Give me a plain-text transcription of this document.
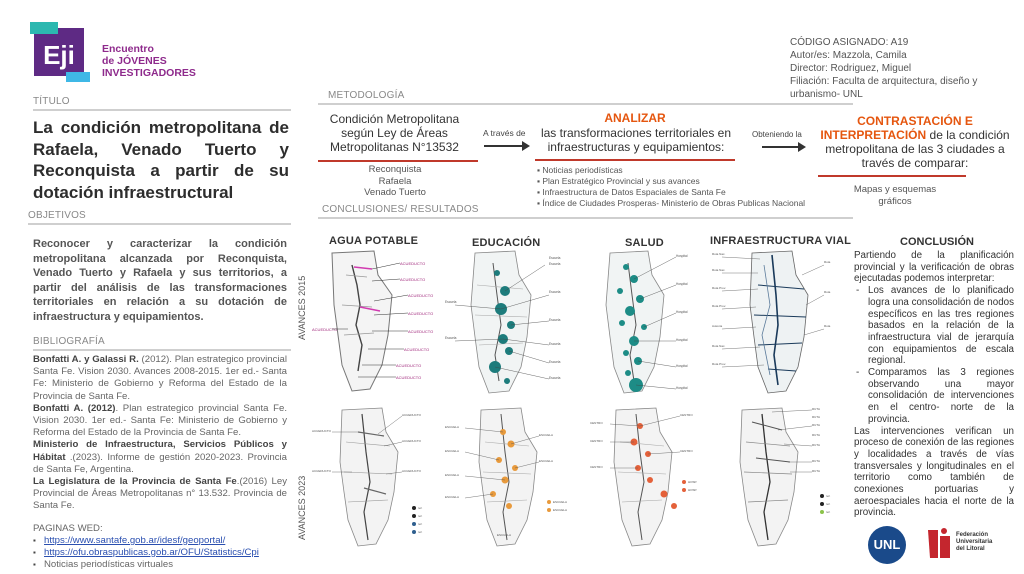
Eji	Encuentro
de JÓVENES
INVESTIGADORES
CÓDIGO ASIGNADO: A19
Autor/es: Mazzola, Camila
Director: Rodriguez, Miguel
Filiación: Faculta de arquitectura, diseño y urbanismo- UNL
TÍTULO
La condición metropolitana de Rafaela, Venado Tuerto y Reconquista a partir de su dotación infraestructural
OBJETIVOS
Reconocer y caracterizar la condición metropolitana alcanzada por Reconquista, Venado Tuerto y Rafaela y sus territorios, a partir del análisis de las transformaciones territoriales en relación a su dotación de infraestructura y equipamientos.
BIBLIOGRAFÍA
Bonfatti A. y Galassi R. (2012). Plan estrategico provincial Santa Fe. Vision 2030. Avances 2008-2015. 1er ed.- Santa Fe: Ministerio de Gobierno y Reforma del Estado de la Provincia de Santa Fe.
Bonfatti A. (2012). Plan estrategico provincial Santa Fe. Vision 2030. 1er ed.- Santa Fe: Ministerio de Gobierno y Reforma del Estado de la Provincia de Santa Fe.
Ministerio de Infraestructura, Servicios Públicos y Hábitat .(2023). Informe de gestión 2020-2023. Provincia de Santa Fe, Argentina.
La Legislatura de la Provincia de Santa Fe.(2016) Ley Provincial de Áreas Metropolitanas n° 13.532. Provincia de Santa Fe.
PAGINAS WED:
▪ https://www.santafe.gob.ar/idesf/geoportal/
▪ https://ofu.obraspublicas.gob.ar/OFU/Statistics/Cpi
▪ Noticias periodísticas virtuales
METODOLOGÍA
Condición Metropolitana según Ley de Áreas Metropolitanas N°13532
Reconquista
Rafaela
Venado Tuerto
A través de
ANALIZAR
las transformaciones territoriales en infraestructuras y equipamientos:
▪ Noticias periodísticas
▪ Plan Estratégico Provincial y sus avances
▪ Infraestructura de Datos Espaciales de Santa Fe
▪ Índice de Ciudades Prosperas- Ministerio de Obras Publicas Nacional
Obteniendo la
CONTRASTACIÓN E INTERPRETACIÓN de la condición metropolitana de las 3 ciudades a través de comparar:
Mapas y esquemas gráficos
CONCLUSIONES/ RESULTADOS
AGUA POTABLE	EDUCACIÓN	SALUD	INFRAESTRUCTURA VIAL
AVANCES 2015
AVANCES 2023
ACUEDUCTO
ACUEDUCTO
ACUEDUCTO
ACUEDUCTO
ACUEDUCTO
ACUEDUCTO
ACUEDUCTO
ACUEDUCTO
ACUEDUCTO
Escuela
Escuela
Escuela
Escuela
Escuela
Escuela
Escuela
Escuela
Escuela
Hospital
Hospital
Hospital
Hospital
Hospital
Hospital
Ruta Nac.
Ruta Nac.
Ruta Prov.
Ruta Prov.
Autovía
Ruta Nac.
Ruta Prov.
Ruta
Ruta
Ruta
ref.
ref.
ref.
ref.
ACUEDUCTO
ACUEDUCTO
ACUEDUCTO
ACUEDUCTO
ACUEDUCTO
ESCUELA
ESCUELA
ESCUELA
ESCUELA
ESCUELA
ESCUELA
ESCUELA
ESCUELA
ESCUELA
HOSP.
HOSP.
CENTRO
CENTRO
CENTRO
CENTRO
CENTRO
RUTA
RUTA
RUTA
RUTA
RUTA
RUTA
RUTA
ref.
ref.
ref.
CONCLUSIÓN
Partiendo de la planificación provincial y la verificación de obras ejecutadas podemos interpretar:
- Los avances de lo planificado logra una consolidación de nodos específicos en las tres regiones basados en la relación de la infraestructura vial de jerarquía con equipamientos de escala regional.
- Comparamos las 3 regiones observando una mayor consolidación de intervenciones en el centro- norte de la provincia.
Las intervenciones verifican un proceso de conexión de las regiones y localidades a través de vías transversales y longitudinales en el territorio como también de conexiones portuarias y aeroespaciales hacia el norte de la provincia.
UNL
Federación
Universitaria
del Litoral
